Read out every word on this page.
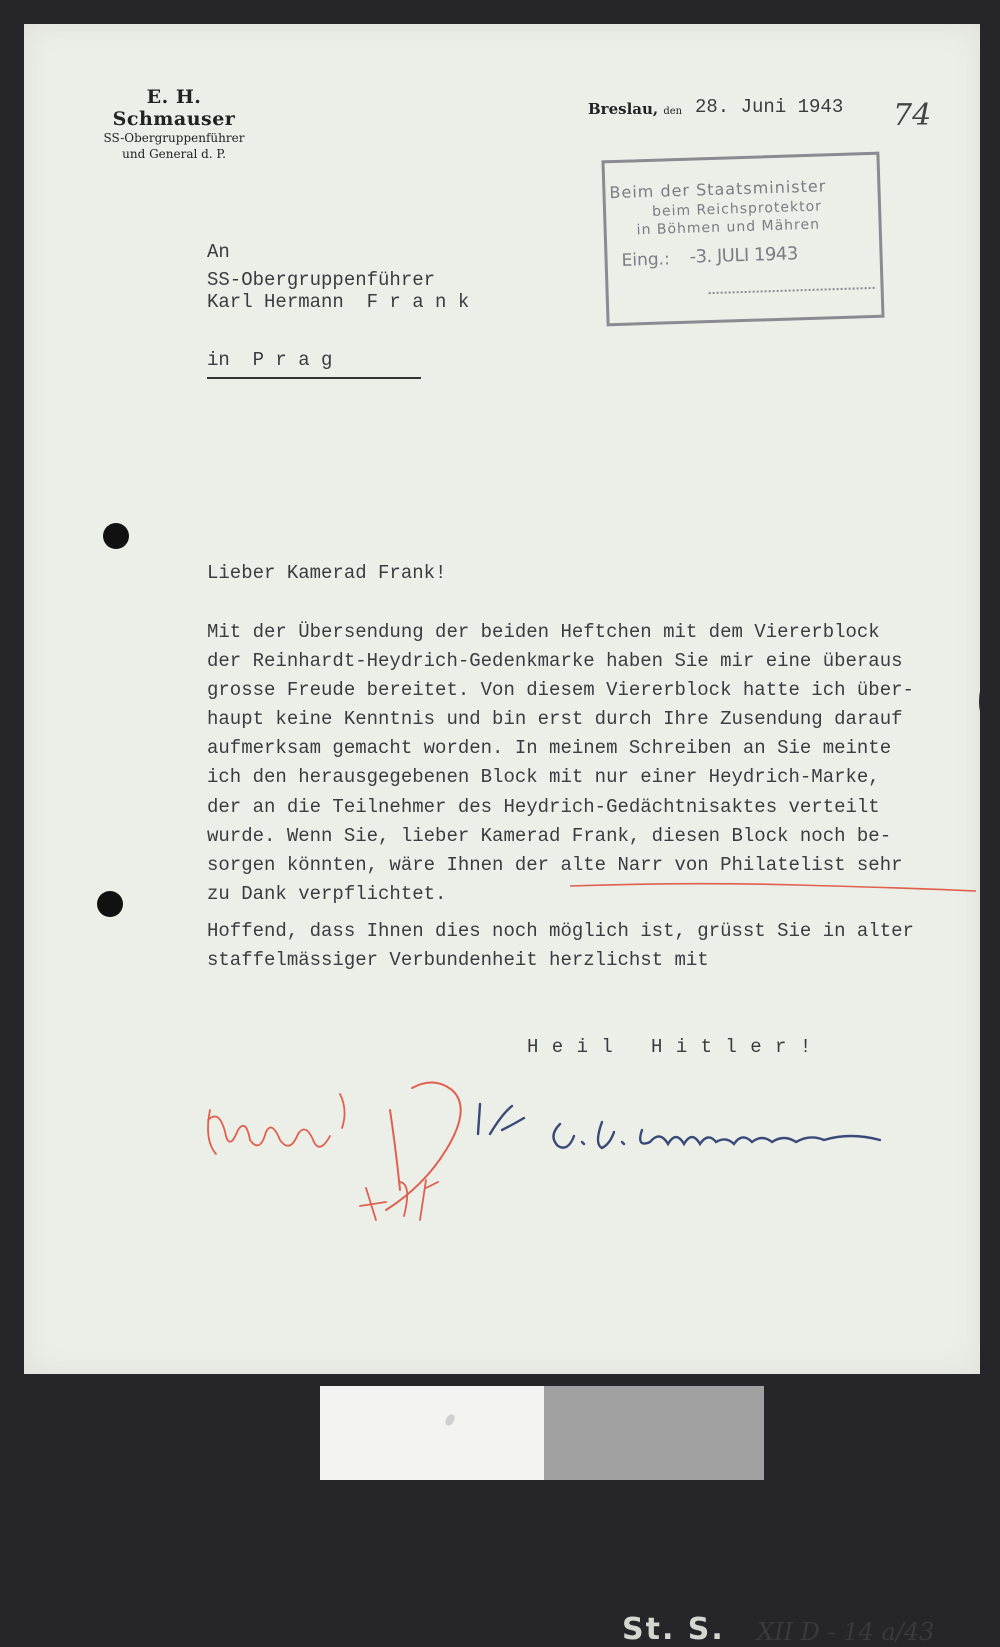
E. H. Schmauser
SS-Obergruppenführer
und General d. P.
Breslau, den 28. Juni 1943 74
Beim der Staatsminister
beim Reichsprotektor
in Böhmen und Mähren
Eing.: -3. JULI 1943
An
SS-Obergruppenführer
Karl Hermann  F r a n k
in  P r a g
Lieber Kamerad Frank!
Mit der Übersendung der beiden Heftchen mit dem Viererblock
der Reinhardt-Heydrich-Gedenkmarke haben Sie mir eine überaus
grosse Freude bereitet. Von diesem Viererblock hatte ich über-
haupt keine Kenntnis und bin erst durch Ihre Zusendung darauf
aufmerksam gemacht worden. In meinem Schreiben an Sie meinte
ich den herausgegebenen Block mit nur einer Heydrich-Marke,
der an die Teilnehmer des Heydrich-Gedächtnisaktes verteilt
wurde. Wenn Sie, lieber Kamerad Frank, diesen Block noch be-
sorgen könnten, wäre Ihnen der alte Narr von Philatelist sehr
zu Dank verpflichtet.
Hoffend, dass Ihnen dies noch möglich ist, grüsst Sie in alter
staffelmässiger Verbundenheit herzlichst mit
H e i l   H i t l e r !
St. S. XII D - 14 a/43
